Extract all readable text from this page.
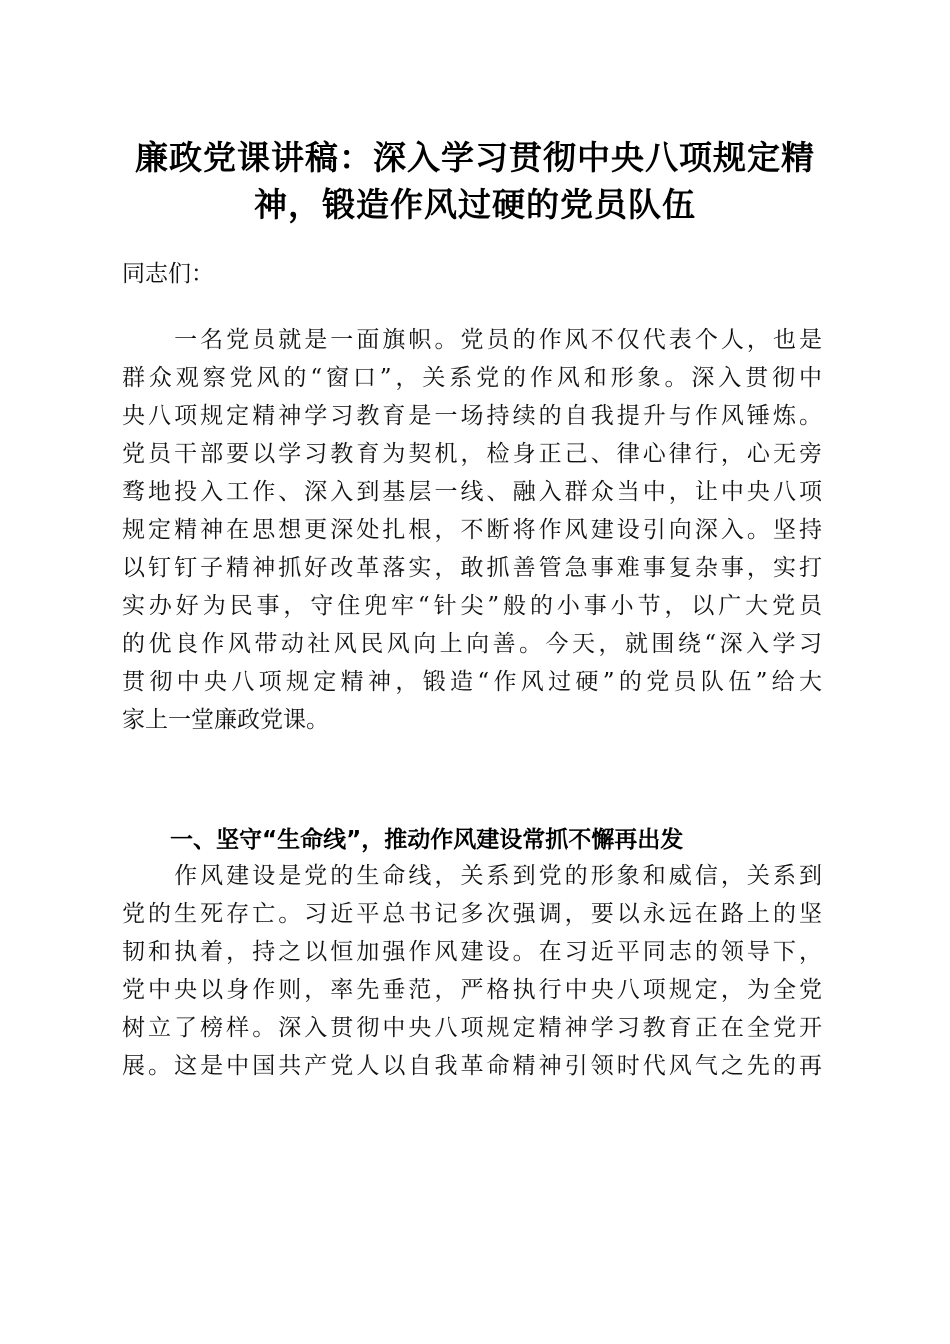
廉政党课讲稿：深入学习贯彻中央八项规定精
神，锻造作风过硬的党员队伍
同志们：
　　一名党员就是一面旗帜。党员的作风不仅代表个人，也是
群众观察党风的“窗口”，关系党的作风和形象。深入贯彻中
央八项规定精神学习教育是一场持续的自我提升与作风锤炼。
党员干部要以学习教育为契机，检身正己、律心律行，心无旁
骛地投入工作、深入到基层一线、融入群众当中，让中央八项
规定精神在思想更深处扎根，不断将作风建设引向深入。坚持
以钉钉子精神抓好改革落实，敢抓善管急事难事复杂事，实打
实办好为民事，守住兜牢“针尖”般的小事小节，以广大党员
的优良作风带动社风民风向上向善。今天，就围绕“深入学习
贯彻中央八项规定精神，锻造“作风过硬”的党员队伍”给大
家上一堂廉政党课。
一、坚守“生命线”，推动作风建设常抓不懈再出发
　　作风建设是党的生命线，关系到党的形象和威信，关系到
党的生死存亡。习近平总书记多次强调，要以永远在路上的坚
韧和执着，持之以恒加强作风建设。在习近平同志的领导下，
党中央以身作则，率先垂范，严格执行中央八项规定，为全党
树立了榜样。深入贯彻中央八项规定精神学习教育正在全党开
展。这是中国共产党人以自我革命精神引领时代风气之先的再
